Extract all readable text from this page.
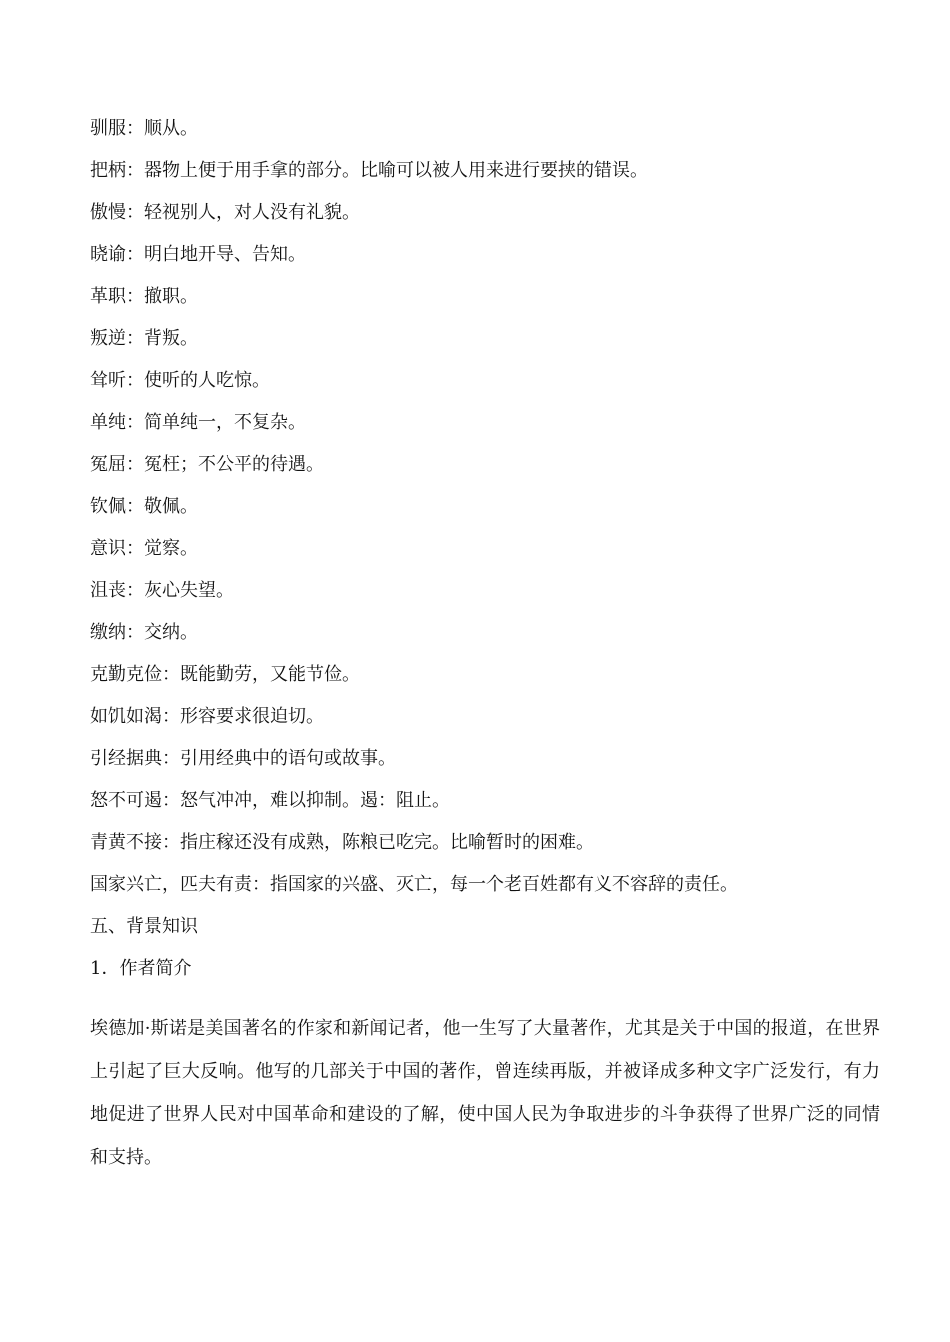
驯服：顺从。
把柄：器物上便于用手拿的部分。比喻可以被人用来进行要挟的错误。
傲慢：轻视别人，对人没有礼貌。
晓谕：明白地开导、告知。
革职：撤职。
叛逆：背叛。
耸听：使听的人吃惊。
单纯：简单纯一，不复杂。
冤屈：冤枉；不公平的待遇。
钦佩：敬佩。
意识：觉察。
沮丧：灰心失望。
缴纳：交纳。
克勤克俭：既能勤劳，又能节俭。
如饥如渴：形容要求很迫切。
引经据典：引用经典中的语句或故事。
怒不可遏：怒气冲冲，难以抑制。遏：阻止。
青黄不接：指庄稼还没有成熟，陈粮已吃完。比喻暂时的困难。
国家兴亡，匹夫有责：指国家的兴盛、灭亡，每一个老百姓都有义不容辞的责任。
五、背景知识
1．作者简介
埃德加·斯诺是美国著名的作家和新闻记者，他一生写了大量著作，尤其是关于中国的报道，在世界上引起了巨大反响。他写的几部关于中国的著作，曾连续再版，并被译成多种文字广泛发行，有力地促进了世界人民对中国革命和建设的了解，使中国人民为争取进步的斗争获得了世界广泛的同情和支持。
